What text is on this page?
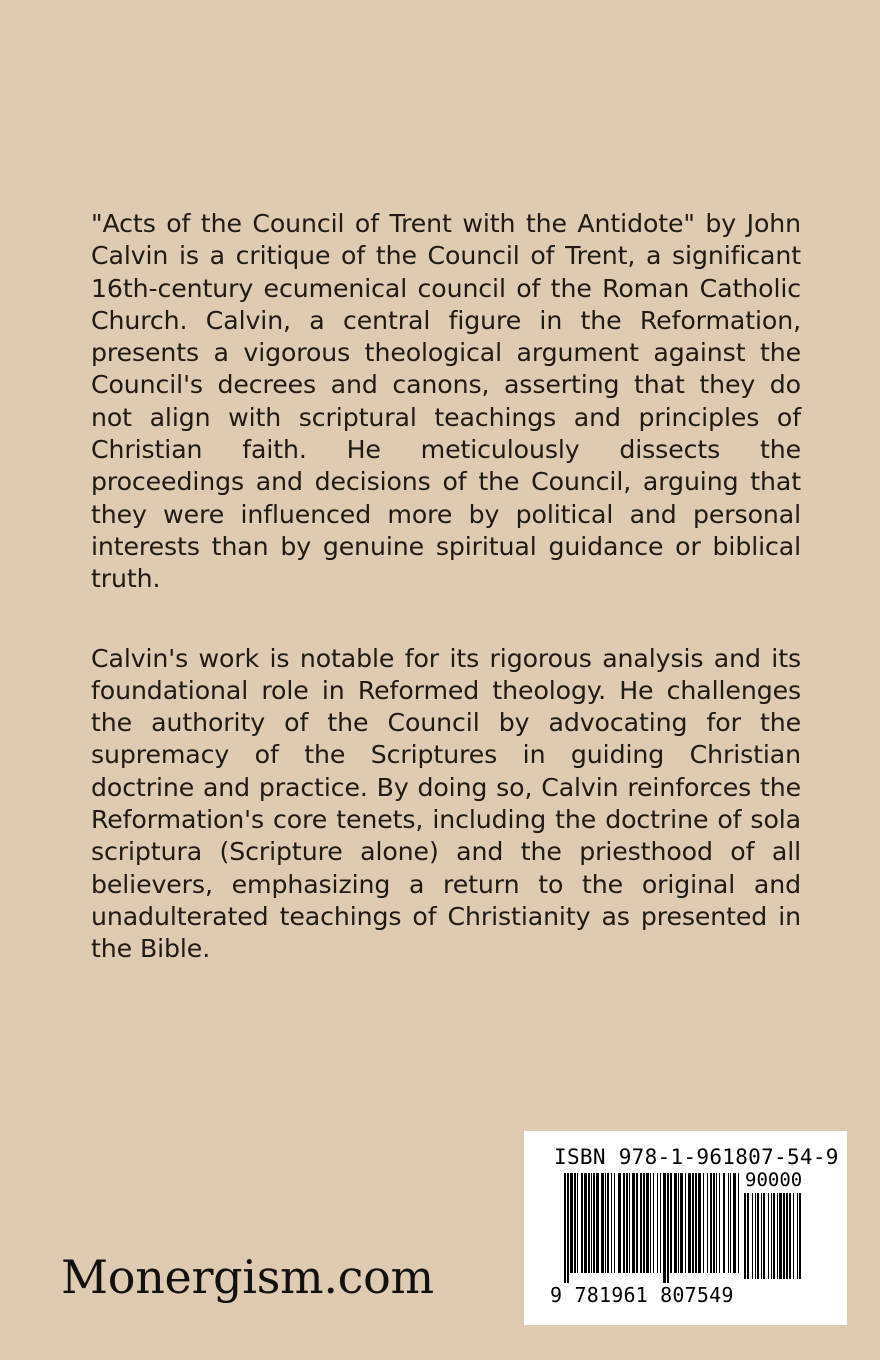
"Acts of the Council of Trent with the Antidote" by John Calvin is a critique of the Council of Trent, a significant 16th-century ecumenical council of the Roman Catholic Church. Calvin, a central figure in the Reformation, presents a vigorous theological argument against the Council's decrees and canons, asserting that they do not align with scriptural teachings and principles of Christian faith. He meticulously dissects the proceedings and decisions of the Council, arguing that they were influenced more by political and personal interests than by genuine spiritual guidance or biblical truth.

Calvin's work is notable for its rigorous analysis and its foundational role in Reformed theology. He challenges the authority of the Council by advocating for the supremacy of the Scriptures in guiding Christian doctrine and practice. By doing so, Calvin reinforces the Reformation's core tenets, including the doctrine of sola scriptura (Scripture alone) and the priesthood of all believers, emphasizing a return to the original and unadulterated teachings of Christianity as presented in the Bible.

Monergism.com
ISBN 978-1-961807-54-9
90000
9 781961 807549
